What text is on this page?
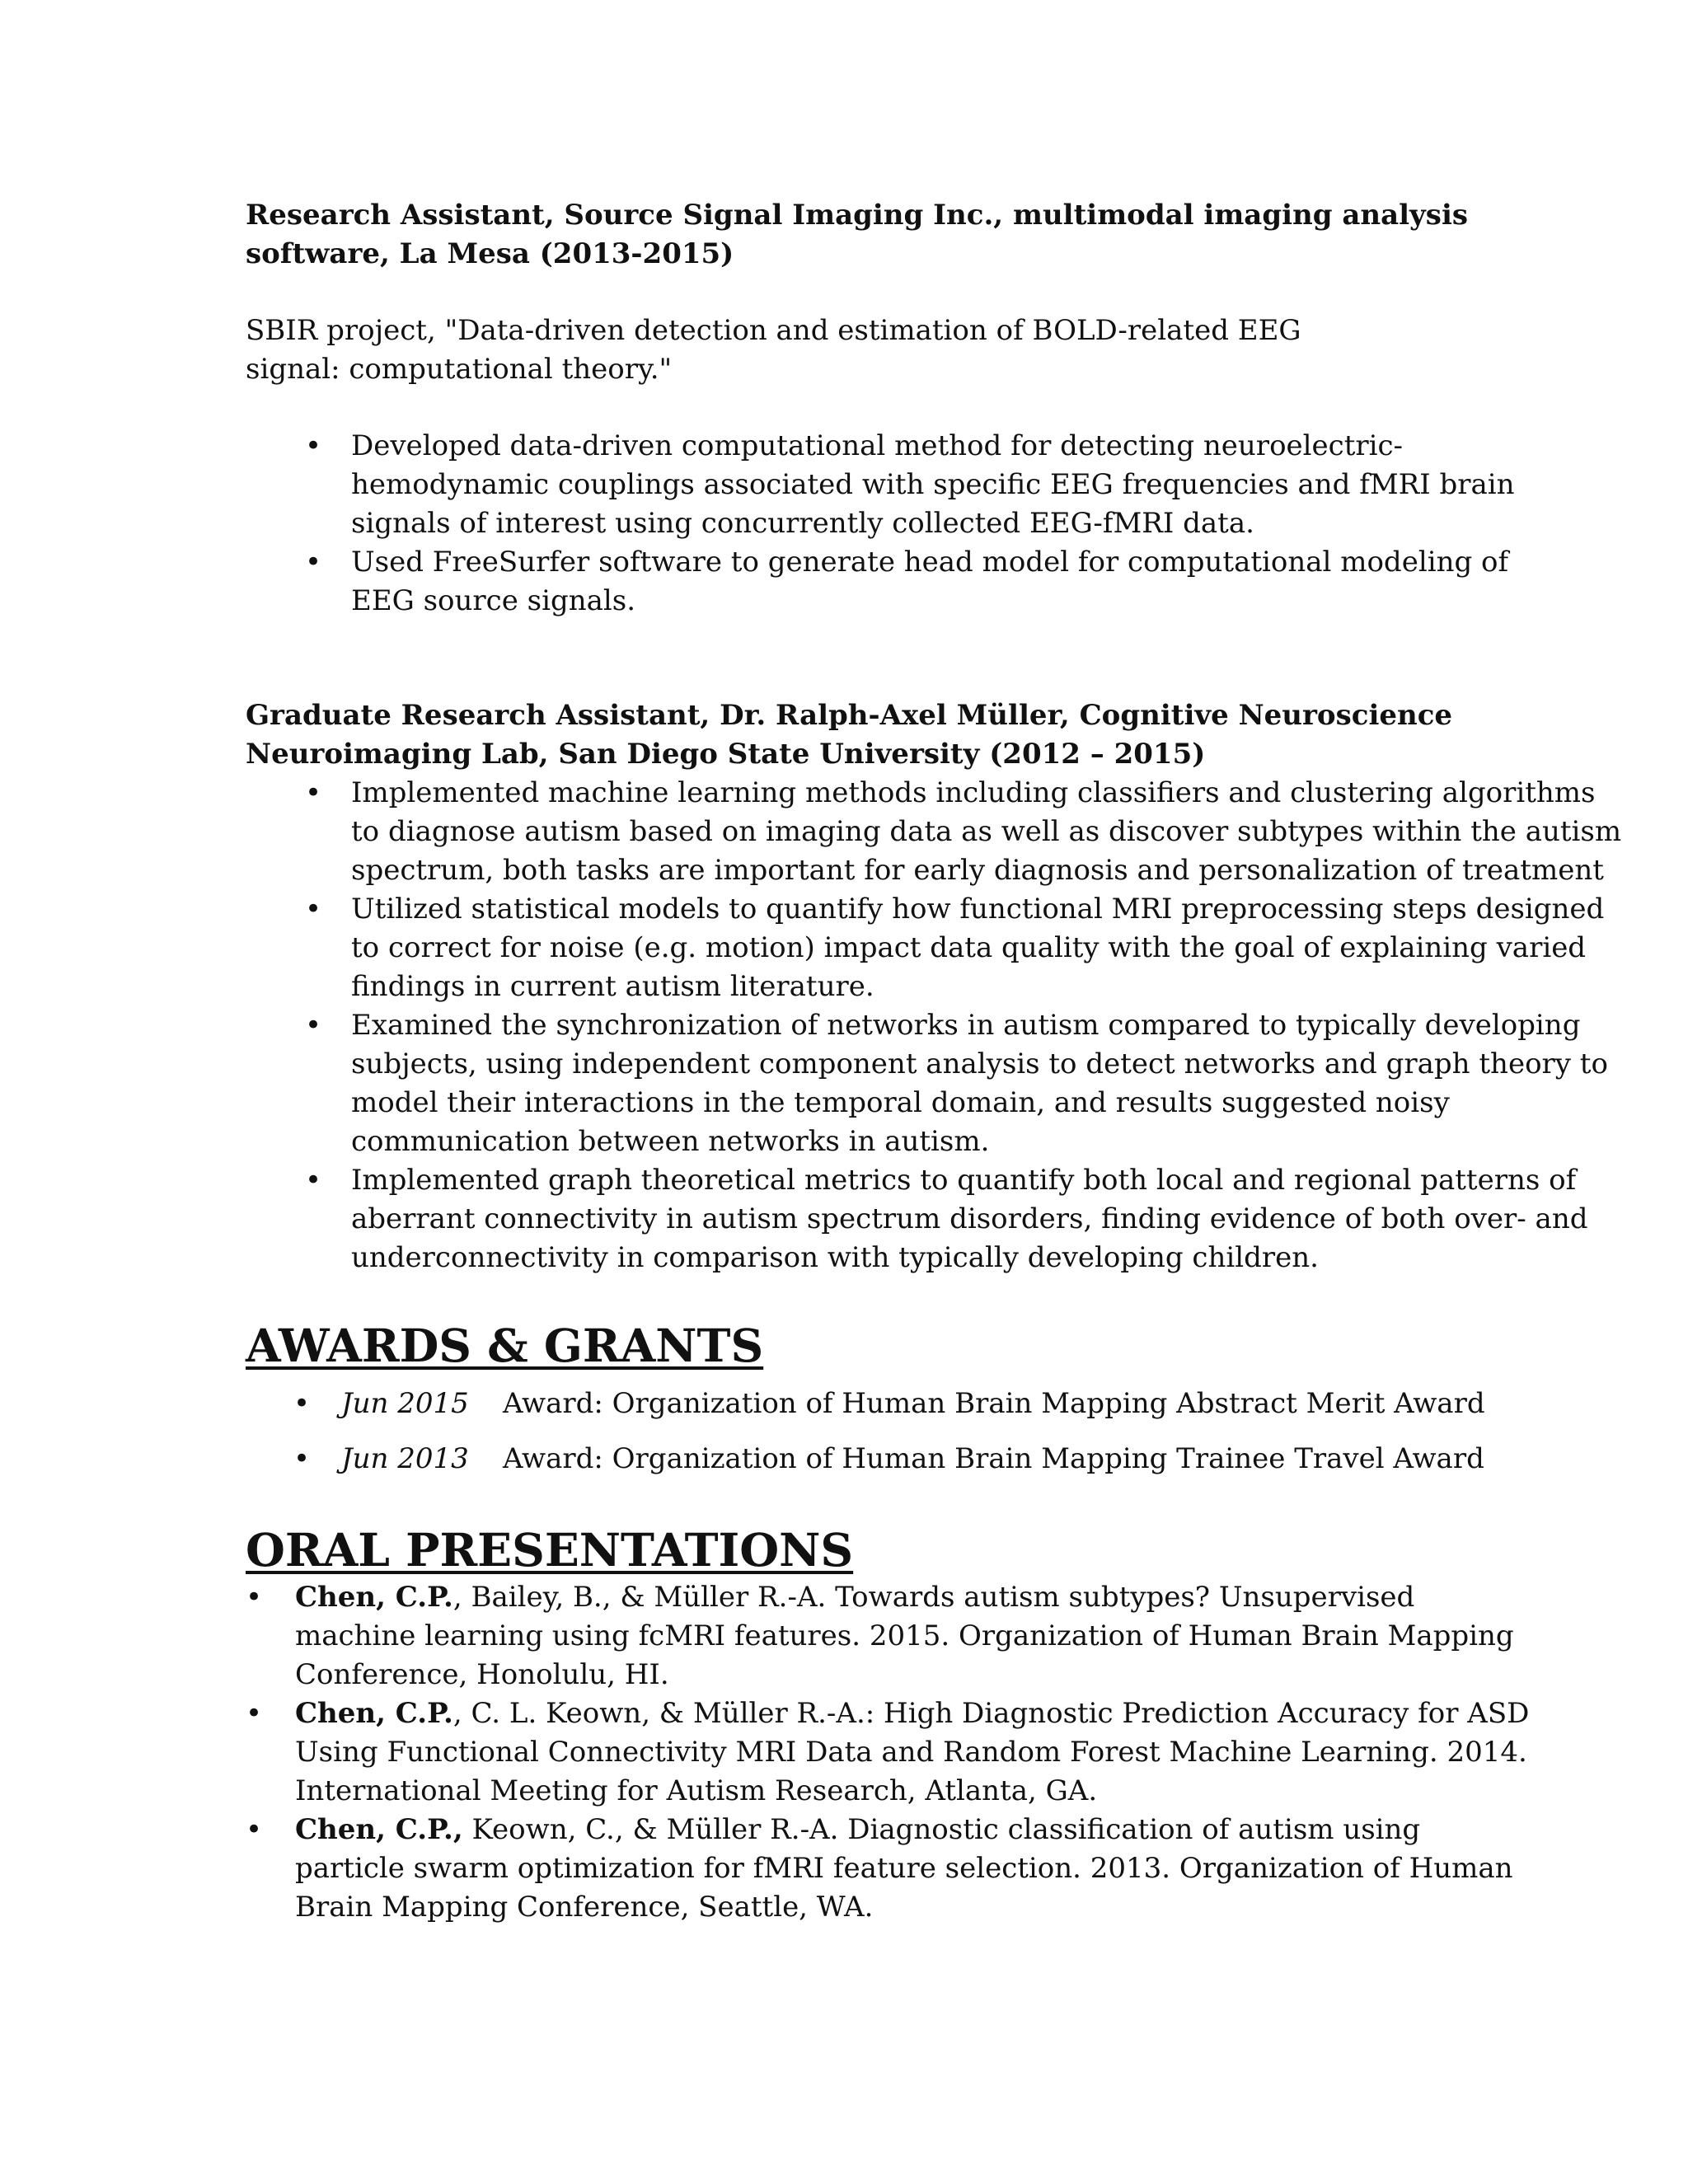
Research Assistant, Source Signal Imaging Inc., multimodal imaging analysis software, La Mesa (2013-2015)

SBIR project, "Data-driven detection and estimation of BOLD-related EEG signal: computational theory."

• Developed data-driven computational method for detecting neuroelectric-hemodynamic couplings associated with specific EEG frequencies and fMRI brain signals of interest using concurrently collected EEG-fMRI data.
• Used FreeSurfer software to generate head model for computational modeling of EEG source signals.

Graduate Research Assistant, Dr. Ralph-Axel Müller, Cognitive Neuroscience Neuroimaging Lab, San Diego State University (2012 – 2015)

• Implemented machine learning methods including classifiers and clustering algorithms to diagnose autism based on imaging data as well as discover subtypes within the autism spectrum, both tasks are important for early diagnosis and personalization of treatment
• Utilized statistical models to quantify how functional MRI preprocessing steps designed to correct for noise (e.g. motion) impact data quality with the goal of explaining varied findings in current autism literature.
• Examined the synchronization of networks in autism compared to typically developing subjects, using independent component analysis to detect networks and graph theory to model their interactions in the temporal domain, and results suggested noisy communication between networks in autism.
• Implemented graph theoretical metrics to quantify both local and regional patterns of aberrant connectivity in autism spectrum disorders, finding evidence of both over- and underconnectivity in comparison with typically developing children.
AWARDS & GRANTS
• Jun 2015 Award: Organization of Human Brain Mapping Abstract Merit Award
• Jun 2013 Award: Organization of Human Brain Mapping Trainee Travel Award
ORAL PRESENTATIONS
• Chen, C.P., Bailey, B., & Müller R.-A. Towards autism subtypes? Unsupervised machine learning using fcMRI features. 2015. Organization of Human Brain Mapping Conference, Honolulu, HI.
• Chen, C.P., C. L. Keown, & Müller R.-A.: High Diagnostic Prediction Accuracy for ASD Using Functional Connectivity MRI Data and Random Forest Machine Learning. 2014. International Meeting for Autism Research, Atlanta, GA.
• Chen, C.P., Keown, C., & Müller R.-A. Diagnostic classification of autism using particle swarm optimization for fMRI feature selection. 2013. Organization of Human Brain Mapping Conference, Seattle, WA.
